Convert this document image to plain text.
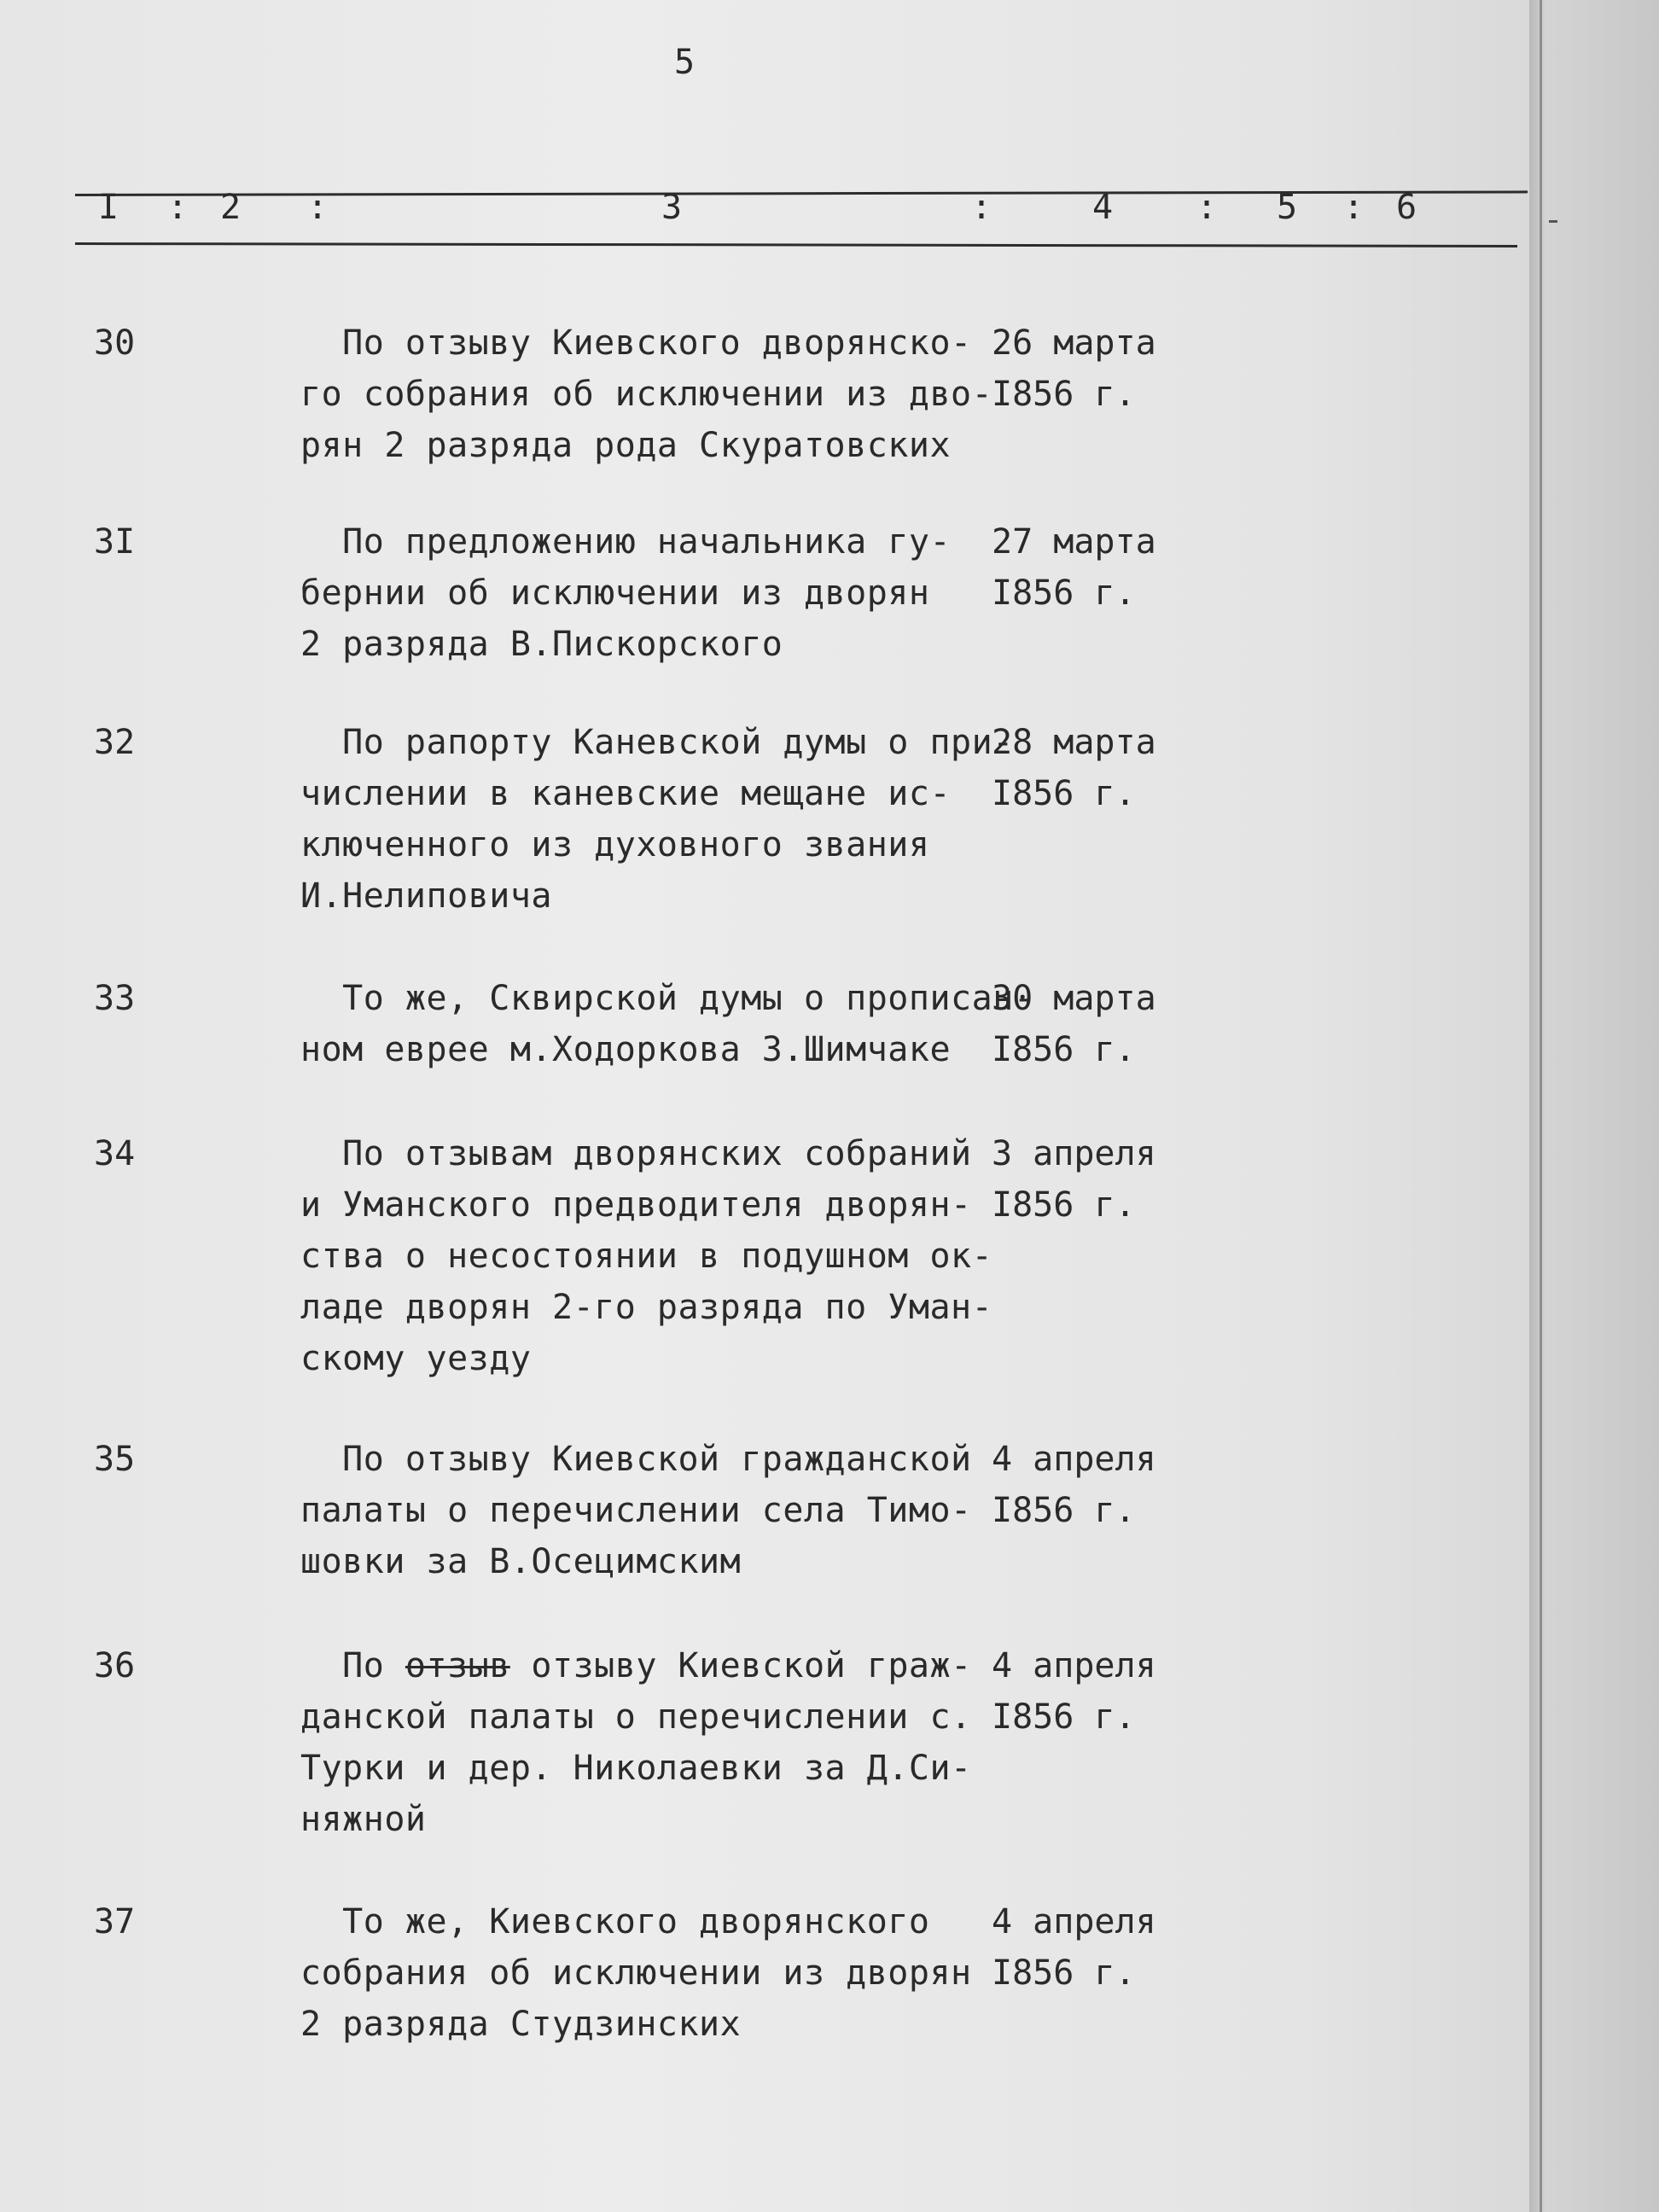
5
I : 2 :	3	:	4 : 5 : 6
30	По отзыву Киевского дворянско-
го собрания об исключении из дво-
рян 2 разряда рода Скуратовских
26 марта
I856 г.
3I	По предложению начальника гу-
бернии об исключении из дворян
2 разряда В.Пискорского
27 марта
I856 г.
32	По рапорту Каневской думы о при-
числении в каневские мещане ис-
ключенного из духовного звания
И.Нелиповича
28 марта
I856 г.
33	То же, Сквирской думы о прописан-
ном еврее м.Ходоркова З.Шимчаке
30 марта
I856 г.
34	По отзывам дворянских собраний
и Уманского предводителя дворян-
ства о несостоянии в подушном ок-
ладе дворян 2-го разряда по Уман-
скому уезду
3 апреля
I856 г.
35	По отзыву Киевской гражданской
палаты о перечислении села Тимо-
шовки за В.Осецимским
4 апреля
I856 г.
36	По отзыв отзыву Киевской граж-
данской палаты о перечислении с.
Турки и дер. Николаевки за Д.Си-
няжной
4 апреля
I856 г.
37	То же, Киевского дворянского
собрания об исключении из дворян
2 разряда Студзинских
4 апреля
I856 г.
